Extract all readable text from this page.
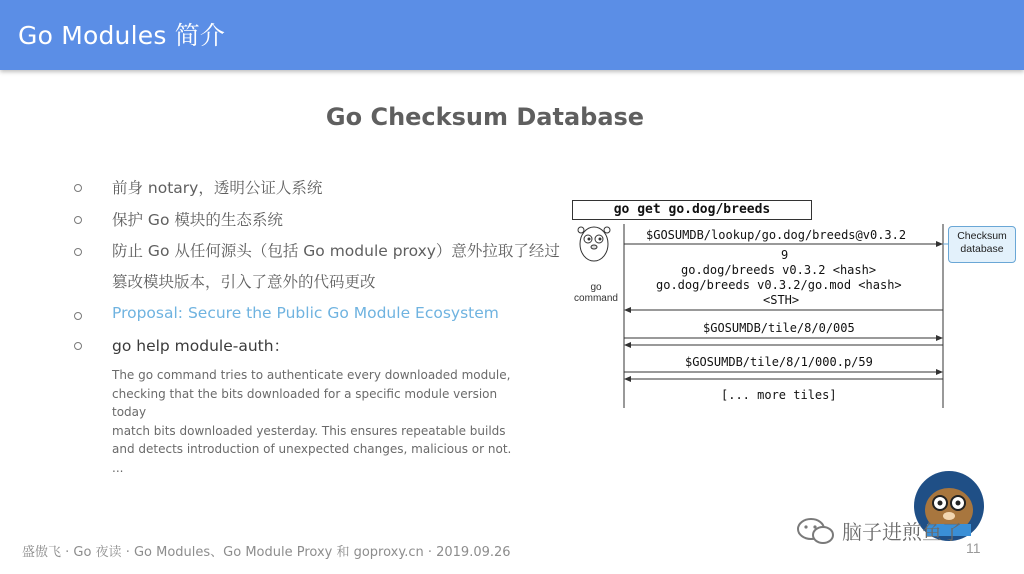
Go Modules 简介
Go Checksum Database
前身 notary，透明公证人系统
保护 Go 模块的生态系统
防止 Go 从任何源头（包括 Go module proxy）意外拉取了经过篡改模块版本，引入了意外的代码更改
Proposal: Secure the Public Go Module Ecosystem
go help module-auth：
The go command tries to authenticate every downloaded module,
checking that the bits downloaded for a specific module version today
match bits downloaded yesterday. This ensures repeatable builds
and detects introduction of unexpected changes, malicious or not.
...
go get go.dog/breeds
go
command
Checksum
database
$GOSUMDB/lookup/go.dog/breeds@v0.3.2
9
go.dog/breeds v0.3.2 <hash>
go.dog/breeds v0.3.2/go.mod <hash>
<STH>
$GOSUMDB/tile/8/0/005
$GOSUMDB/tile/8/1/000.p/59
[... more tiles]
盛傲飞 · Go 夜读 · Go Modules、Go Module Proxy 和 goproxy.cn · 2019.09.26
脑子进煎鱼了
11
